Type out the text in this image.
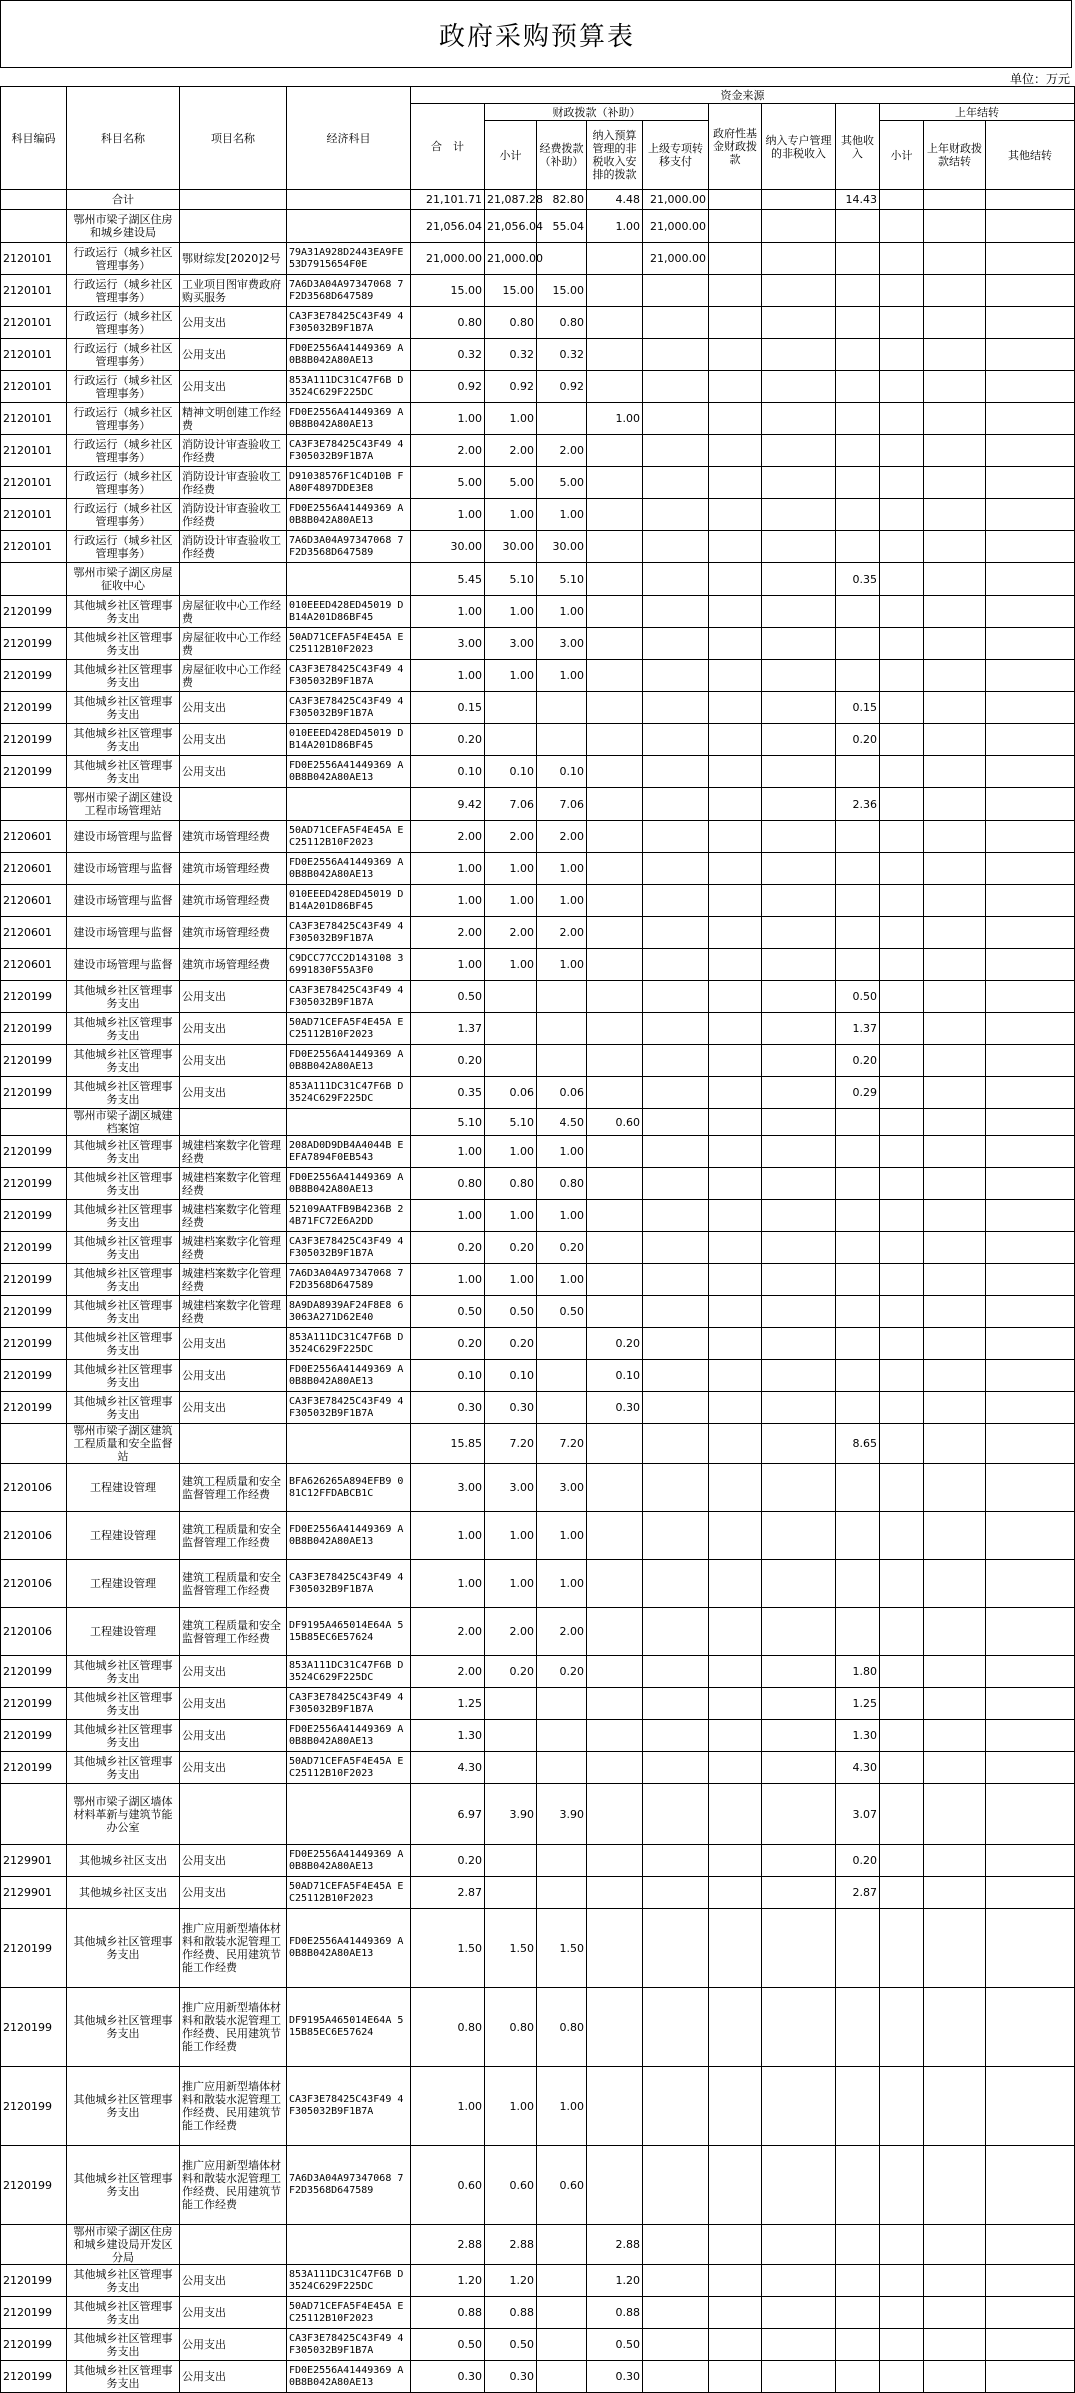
政府采购预算表
单位：万元
科目编码	科目名称	项目名称	经济科目	资金来源										
				合　计	财政拨款（补助）				政府性基金财政拨款	纳入专户管理的非税收入	其他收入	上年结转		
					小计	经费拨款（补助）	纳入预算管理的非税收入安排的拨款	上级专项转移支付				小计	上年财政拨款结转	其他结转

	合计			21,101.71	21,087.28	82.80	4.48	21,000.00			14.43			
	鄂州市梁子湖区住房和城乡建设局			21,056.04	21,056.04	55.04	1.00	21,000.00						
2120101	行政运行（城乡社区管理事务）	鄂财综发[2020]2号	79A31A928D2443EA9FE53D7915654F0E	21,000.00	21,000.00			21,000.00						
2120101	行政运行（城乡社区管理事务）	工业项目图审费政府购买服务	7A6D3A04A97347068 7F2D3568D647589	15.00	15.00	15.00								
2120101	行政运行（城乡社区管理事务）	公用支出	CA3F3E78425C43F49 4F305032B9F1B7A	0.80	0.80	0.80								
2120101	行政运行（城乡社区管理事务）	公用支出	FD0E2556A41449369 A0B8B042A80AE13	0.32	0.32	0.32								
2120101	行政运行（城乡社区管理事务）	公用支出	853A111DC31C47F6B D3524C629F225DC	0.92	0.92	0.92								
2120101	行政运行（城乡社区管理事务）	精神文明创建工作经费	FD0E2556A41449369 A0B8B042A80AE13	1.00	1.00		1.00							
2120101	行政运行（城乡社区管理事务）	消防设计审查验收工作经费	CA3F3E78425C43F49 4F305032B9F1B7A	2.00	2.00	2.00								
2120101	行政运行（城乡社区管理事务）	消防设计审查验收工作经费	D91038576F1C4D10B FA80F4897DDE3E8	5.00	5.00	5.00								
2120101	行政运行（城乡社区管理事务）	消防设计审查验收工作经费	FD0E2556A41449369 A0B8B042A80AE13	1.00	1.00	1.00								
2120101	行政运行（城乡社区管理事务）	消防设计审查验收工作经费	7A6D3A04A97347068 7F2D3568D647589	30.00	30.00	30.00								
	鄂州市梁子湖区房屋征收中心			5.45	5.10	5.10					0.35			
2120199	其他城乡社区管理事务支出	房屋征收中心工作经费	010EEED428ED45019 DB14A201D86BF45	1.00	1.00	1.00								
2120199	其他城乡社区管理事务支出	房屋征收中心工作经费	50AD71CEFA5F4E45A EC25112B10F2023	3.00	3.00	3.00								
2120199	其他城乡社区管理事务支出	房屋征收中心工作经费	CA3F3E78425C43F49 4F305032B9F1B7A	1.00	1.00	1.00								
2120199	其他城乡社区管理事务支出	公用支出	CA3F3E78425C43F49 4F305032B9F1B7A	0.15							0.15			
2120199	其他城乡社区管理事务支出	公用支出	010EEED428ED45019 DB14A201D86BF45	0.20							0.20			
2120199	其他城乡社区管理事务支出	公用支出	FD0E2556A41449369 A0B8B042A80AE13	0.10	0.10	0.10								
	鄂州市梁子湖区建设工程市场管理站			9.42	7.06	7.06					2.36			
2120601	建设市场管理与监督	建筑市场管理经费	50AD71CEFA5F4E45A EC25112B10F2023	2.00	2.00	2.00								
2120601	建设市场管理与监督	建筑市场管理经费	FD0E2556A41449369 A0B8B042A80AE13	1.00	1.00	1.00								
2120601	建设市场管理与监督	建筑市场管理经费	010EEED428ED45019 DB14A201D86BF45	1.00	1.00	1.00								
2120601	建设市场管理与监督	建筑市场管理经费	CA3F3E78425C43F49 4F305032B9F1B7A	2.00	2.00	2.00								
2120601	建设市场管理与监督	建筑市场管理经费	C9DCC77CC2D143108 36991830F55A3F0	1.00	1.00	1.00								
2120199	其他城乡社区管理事务支出	公用支出	CA3F3E78425C43F49 4F305032B9F1B7A	0.50							0.50			
2120199	其他城乡社区管理事务支出	公用支出	50AD71CEFA5F4E45A EC25112B10F2023	1.37							1.37			
2120199	其他城乡社区管理事务支出	公用支出	FD0E2556A41449369 A0B8B042A80AE13	0.20							0.20			
2120199	其他城乡社区管理事务支出	公用支出	853A111DC31C47F6B D3524C629F225DC	0.35	0.06	0.06					0.29			
	鄂州市梁子湖区城建档案馆			5.10	5.10	4.50	0.60							
2120199	其他城乡社区管理事务支出	城建档案数字化管理经费	208AD0D9DB4A4044B EEFA7894F0EB543	1.00	1.00	1.00								
2120199	其他城乡社区管理事务支出	城建档案数字化管理经费	FD0E2556A41449369 A0B8B042A80AE13	0.80	0.80	0.80								
2120199	其他城乡社区管理事务支出	城建档案数字化管理经费	52109AATFB9B4236B 24B71FC72E6A2DD	1.00	1.00	1.00								
2120199	其他城乡社区管理事务支出	城建档案数字化管理经费	CA3F3E78425C43F49 4F305032B9F1B7A	0.20	0.20	0.20								
2120199	其他城乡社区管理事务支出	城建档案数字化管理经费	7A6D3A04A97347068 7F2D3568D647589	1.00	1.00	1.00								
2120199	其他城乡社区管理事务支出	城建档案数字化管理经费	8A9DA8939AF24F8E8 63063A271D62E40	0.50	0.50	0.50								
2120199	其他城乡社区管理事务支出	公用支出	853A111DC31C47F6B D3524C629F225DC	0.20	0.20		0.20							
2120199	其他城乡社区管理事务支出	公用支出	FD0E2556A41449369 A0B8B042A80AE13	0.10	0.10		0.10							
2120199	其他城乡社区管理事务支出	公用支出	CA3F3E78425C43F49 4F305032B9F1B7A	0.30	0.30		0.30							
	鄂州市梁子湖区建筑工程质量和安全监督站			15.85	7.20	7.20					8.65			
2120106	工程建设管理	建筑工程质量和安全监督管理工作经费	BFA626265A894EFB9 081C12FFDABCB1C	3.00	3.00	3.00								
2120106	工程建设管理	建筑工程质量和安全监督管理工作经费	FD0E2556A41449369 A0B8B042A80AE13	1.00	1.00	1.00								
2120106	工程建设管理	建筑工程质量和安全监督管理工作经费	CA3F3E78425C43F49 4F305032B9F1B7A	1.00	1.00	1.00								
2120106	工程建设管理	建筑工程质量和安全监督管理工作经费	DF9195A465014E64A 515B85EC6E57624	2.00	2.00	2.00								
2120199	其他城乡社区管理事务支出	公用支出	853A111DC31C47F6B D3524C629F225DC	2.00	0.20	0.20					1.80			
2120199	其他城乡社区管理事务支出	公用支出	CA3F3E78425C43F49 4F305032B9F1B7A	1.25							1.25			
2120199	其他城乡社区管理事务支出	公用支出	FD0E2556A41449369 A0B8B042A80AE13	1.30							1.30			
2120199	其他城乡社区管理事务支出	公用支出	50AD71CEFA5F4E45A EC25112B10F2023	4.30							4.30			
	鄂州市梁子湖区墙体材料革新与建筑节能办公室			6.97	3.90	3.90					3.07			
2129901	其他城乡社区支出	公用支出	FD0E2556A41449369 A0B8B042A80AE13	0.20							0.20			
2129901	其他城乡社区支出	公用支出	50AD71CEFA5F4E45A EC25112B10F2023	2.87							2.87			
2120199	其他城乡社区管理事务支出	推广应用新型墙体材料和散装水泥管理工作经费、民用建筑节能工作经费	FD0E2556A41449369 A0B8B042A80AE13	1.50	1.50	1.50								
2120199	其他城乡社区管理事务支出	推广应用新型墙体材料和散装水泥管理工作经费、民用建筑节能工作经费	DF9195A465014E64A 515B85EC6E57624	0.80	0.80	0.80								
2120199	其他城乡社区管理事务支出	推广应用新型墙体材料和散装水泥管理工作经费、民用建筑节能工作经费	CA3F3E78425C43F49 4F305032B9F1B7A	1.00	1.00	1.00								
2120199	其他城乡社区管理事务支出	推广应用新型墙体材料和散装水泥管理工作经费、民用建筑节能工作经费	7A6D3A04A97347068 7F2D3568D647589	0.60	0.60	0.60								
	鄂州市梁子湖区住房和城乡建设局开发区分局			2.88	2.88		2.88							
2120199	其他城乡社区管理事务支出	公用支出	853A111DC31C47F6B D3524C629F225DC	1.20	1.20		1.20							
2120199	其他城乡社区管理事务支出	公用支出	50AD71CEFA5F4E45A EC25112B10F2023	0.88	0.88		0.88							
2120199	其他城乡社区管理事务支出	公用支出	CA3F3E78425C43F49 4F305032B9F1B7A	0.50	0.50		0.50							
2120199	其他城乡社区管理事务支出	公用支出	FD0E2556A41449369 A0B8B042A80AE13	0.30	0.30		0.30							
